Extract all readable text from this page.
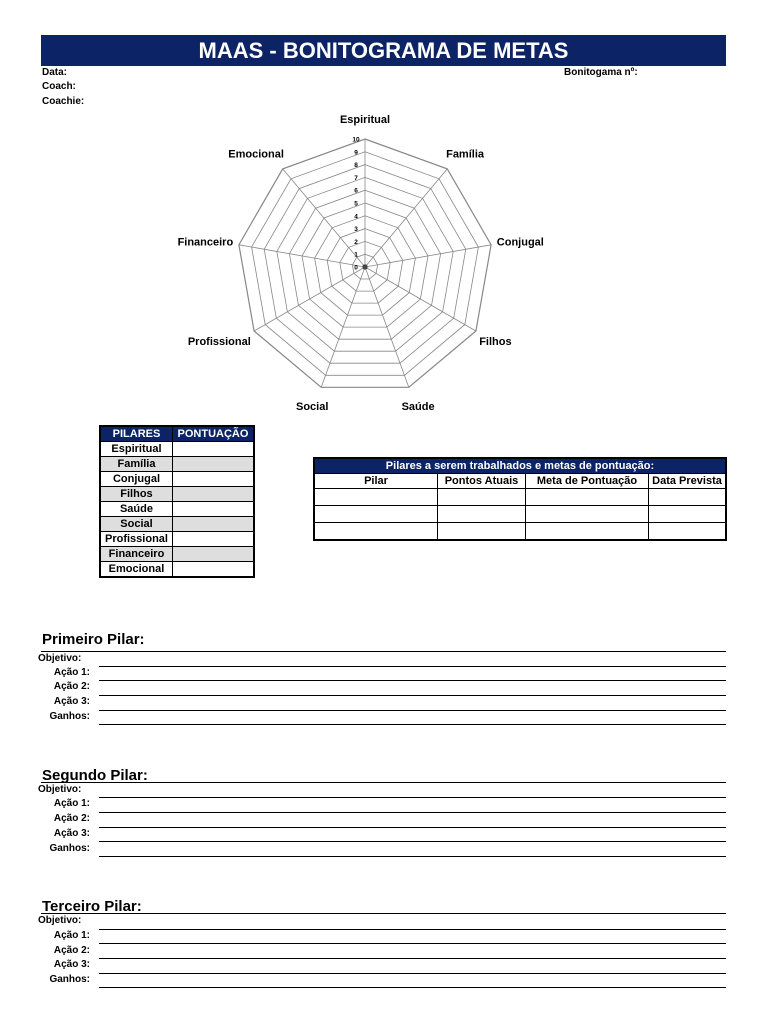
MAAS - BONITOGRAMA DE METAS
Data:
Coach:
Coachie:
Bonitogama nº:
0
1
2
3
4
5
6
7
8
9
10
Espiritual
Família
Conjugal
Filhos
Saúde
Social
Profissional
Financeiro
Emocional
PILARES	PONTUAÇÃO
Espiritual	
Família	
Conjugal	
Filhos	
Saúde	
Social	
Profissional	
Financeiro	
Emocional	
Pilares a serem trabalhados e metas de pontuação:			
Pilar	Pontos Atuais	Meta de Pontuação	Data Prevista

Primeiro Pilar:
Objetivo:
Ação 1:
Ação 2:
Ação 3:
Ganhos:
Segundo Pilar:
Objetivo:
Ação 1:
Ação 2:
Ação 3:
Ganhos:
Terceiro Pilar:
Objetivo:
Ação 1:
Ação 2:
Ação 3:
Ganhos:
